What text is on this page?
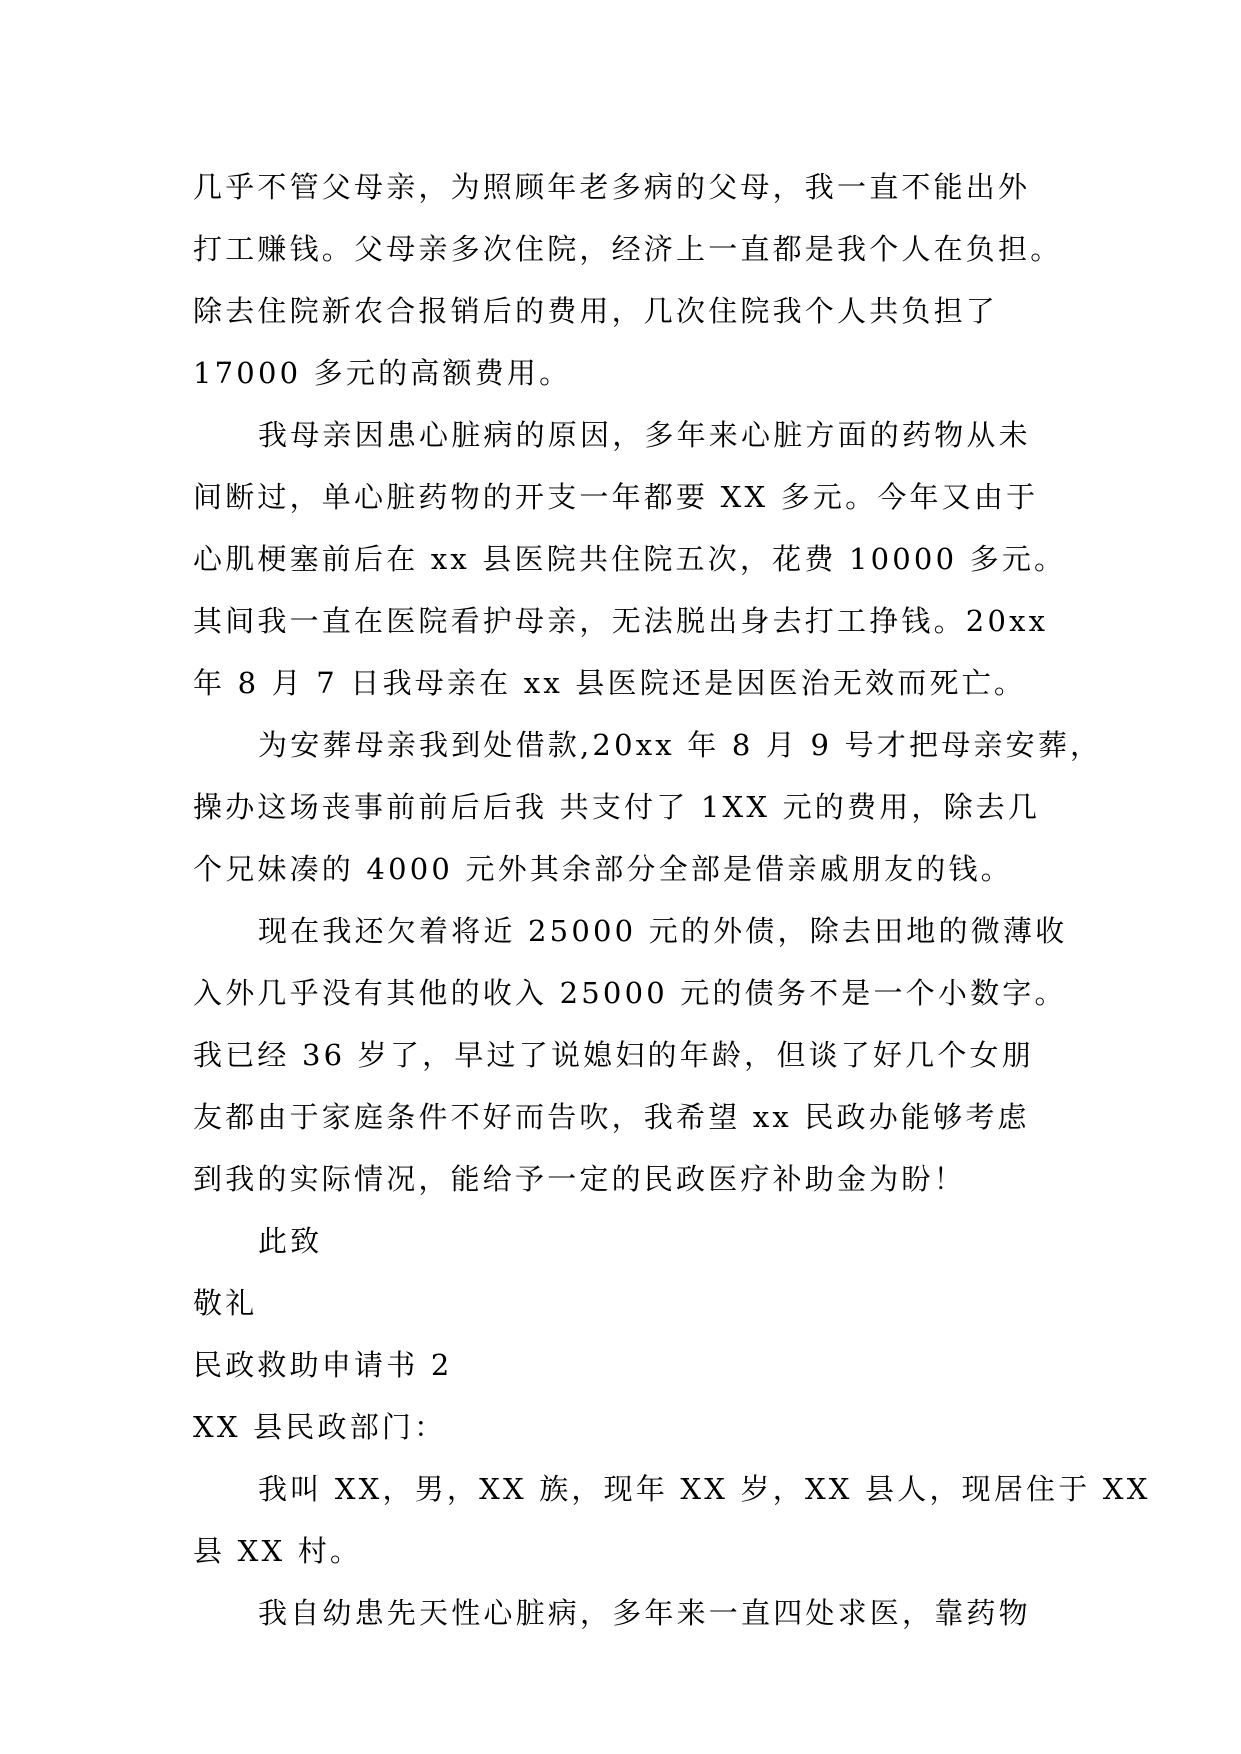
几乎不管父母亲，为照顾年老多病的父母，我一直不能出外
打工赚钱。父母亲多次住院，经济上一直都是我个人在负担。
除去住院新农合报销后的费用，几次住院我个人共负担了
17000 多元的高额费用。
我母亲因患心脏病的原因，多年来心脏方面的药物从未
间断过，单心脏药物的开支一年都要 XX 多元。今年又由于
心肌梗塞前后在 xx 县医院共住院五次，花费 10000 多元。
其间我一直在医院看护母亲，无法脱出身去打工挣钱。20xx
年 8 月 7 日我母亲在 xx 县医院还是因医治无效而死亡。
为安葬母亲我到处借款,20xx 年 8 月 9 号才把母亲安葬，
操办这场丧事前前后后我 共支付了 1XX 元的费用，除去几
个兄妹凑的 4000 元外其余部分全部是借亲戚朋友的钱。
现在我还欠着将近 25000 元的外债，除去田地的微薄收
入外几乎没有其他的收入 25000 元的债务不是一个小数字。
我已经 36 岁了，早过了说媳妇的年龄，但谈了好几个女朋
友都由于家庭条件不好而告吹，我希望 xx 民政办能够考虑
到我的实际情况，能给予一定的民政医疗补助金为盼！
此致
敬礼
民政救助申请书 2
XX 县民政部门：
我叫 XX，男，XX 族，现年 XX 岁，XX 县人，现居住于 XX
县 XX 村。
我自幼患先天性心脏病，多年来一直四处求医，靠药物
